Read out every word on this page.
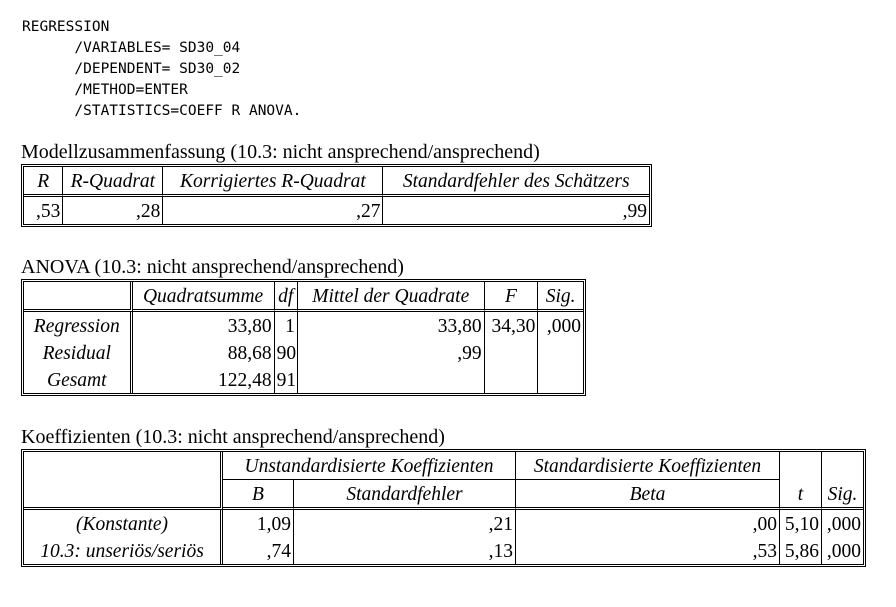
REGRESSION
/VARIABLES= SD30_04
/DEPENDENT= SD30_02
/METHOD=ENTER
/STATISTICS=COEFF R ANOVA.
Modellzusammenfassung (10.3: nicht ansprechend/ansprechend)
R	R-Quadrat	Korrigiertes R-Quadrat	Standardfehler des Schätzers
,53	,28	,27	,99
ANOVA (10.3: nicht ansprechend/ansprechend)
	Quadratsumme	df	Mittel der Quadrate	F	Sig.
Regression	33,80	1	33,80	34,30	,000
Residual	88,68	90	,99		
Gesamt	122,48	91			
Koeffizienten (10.3: nicht ansprechend/ansprechend)
	Unstandardisierte Koeffizienten		Standardisierte Koeffizienten		
	B	Standardfehler	Beta	t	Sig.
(Konstante)	1,09	,21	,00	5,10	,000
10.3: unseriös/seriös	,74	,13	,53	5,86	,000
